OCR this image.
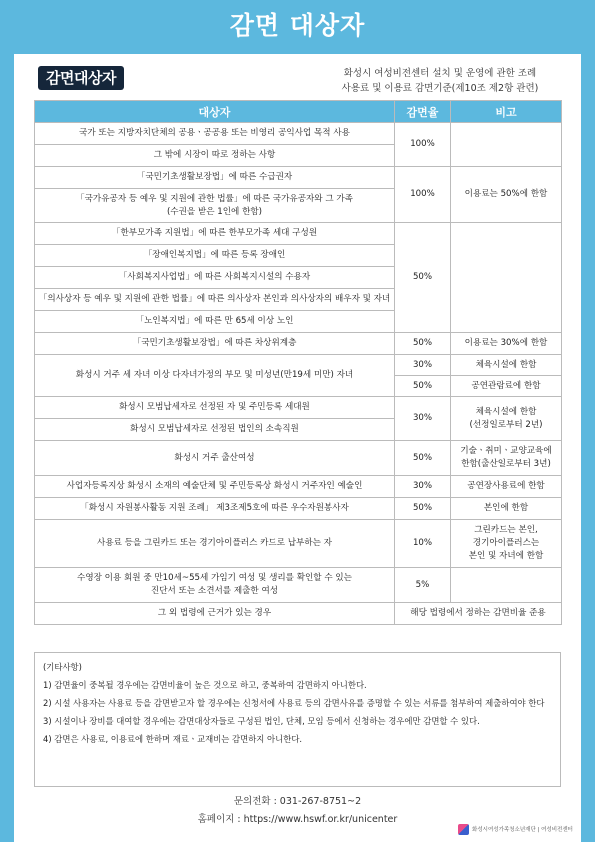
감면 대상자
감면대상자	화성시 여성비전센터 설치 및 운영에 관한 조례
사용료 및 이용료 감면기준(제10조 제2항 관련)
대상자	감면율	비고
국가 또는 지방자치단체의 공용ㆍ공공용 또는 비영리 공익사업 목적 사용	100%	
그 밖에 시장이 따로 정하는 사항		
「국민기초생활보장법」에 따른 수급권자	100%	이용료는 50%에 한함

「국가유공자 등 예우 및 지원에 관한 법률」에 따른 국가유공자와 그 가족
(수권을 받은 1인에 한함)		

「한부모가족 지원법」에 따른 한부모가족 세대 구성원	50%	
「장애인복지법」에 따른 등록 장애인		
「사회복지사업법」에 따른 사회복지시설의 수용자		
「의사상자 등 예우 및 지원에 관한 법률」에 따른 의사상자 본인과 의사상자의 배우자 및 자녀		
「노인복지법」에 따른 만 65세 이상 노인		
「국민기초생활보장법」에 따른 차상위계층	50%	이용료는 30%에 한함
화성시 거주 세 자녀 이상 다자녀가정의 부모 및 미성년(만19세 미만) 자녀	30%	체육시설에 한함
	50%	공연관람료에 한함
화성시 모범납세자로 선정된 자 및 주민등록 세대원	30%	체육시설에 한함
(선정일로부터 2년)

화성시 모범납세자로 선정된 법인의 소속직원		
화성시 거주 출산여성	50%	기술ㆍ취미ㆍ교양교육에
한함(출산일로부터 3년)

사업자등록지상 화성시 소재의 예술단체 및 주민등록상 화성시 거주자인 예술인	30%	공연장사용료에 한함
「화성시 자원봉사활동 지원 조례」 제3조제5호에 따른 우수자원봉사자	50%	본인에 한함
사용료 등을 그린카드 또는 경기아이플러스 카드로 납부하는 자	10%	그린카드는 본인,
경기아이플러스는
본인 및 자녀에 한함

수영장 이용 회원 중 만10세~55세 가임기 여성 및 생리를 확인할 수 있는
진단서 또는 소견서를 제출한 여성	5%	
그 외 법령에 근거가 있는 경우	해당 법령에서 정하는 감면비율 준용	
(기타사항)
1) 감면율이 중복될 경우에는 감면비율이 높은 것으로 하고, 중복하여 감면하지 아니한다.
2) 시설 사용자는 사용료 등을 감면받고자 할 경우에는 신청서에 사용료 등의 감면사유를 증명할 수 있는 서류를 첨부하여 제출하여야 한다
3) 시설이나 장비를 대여할 경우에는 감면대상자들로 구성된 법인, 단체, 모임 등에서 신청하는 경우에만 감면할 수 있다.
4) 감면은 사용료, 이용료에 한하며 재료ㆍ교재비는 감면하지 아니한다.
문의전화 : 031-267-8751~2
홈페이지 : https://www.hswf.or.kr/unicenter
화성시여성가족청소년재단 | 여성비전센터
